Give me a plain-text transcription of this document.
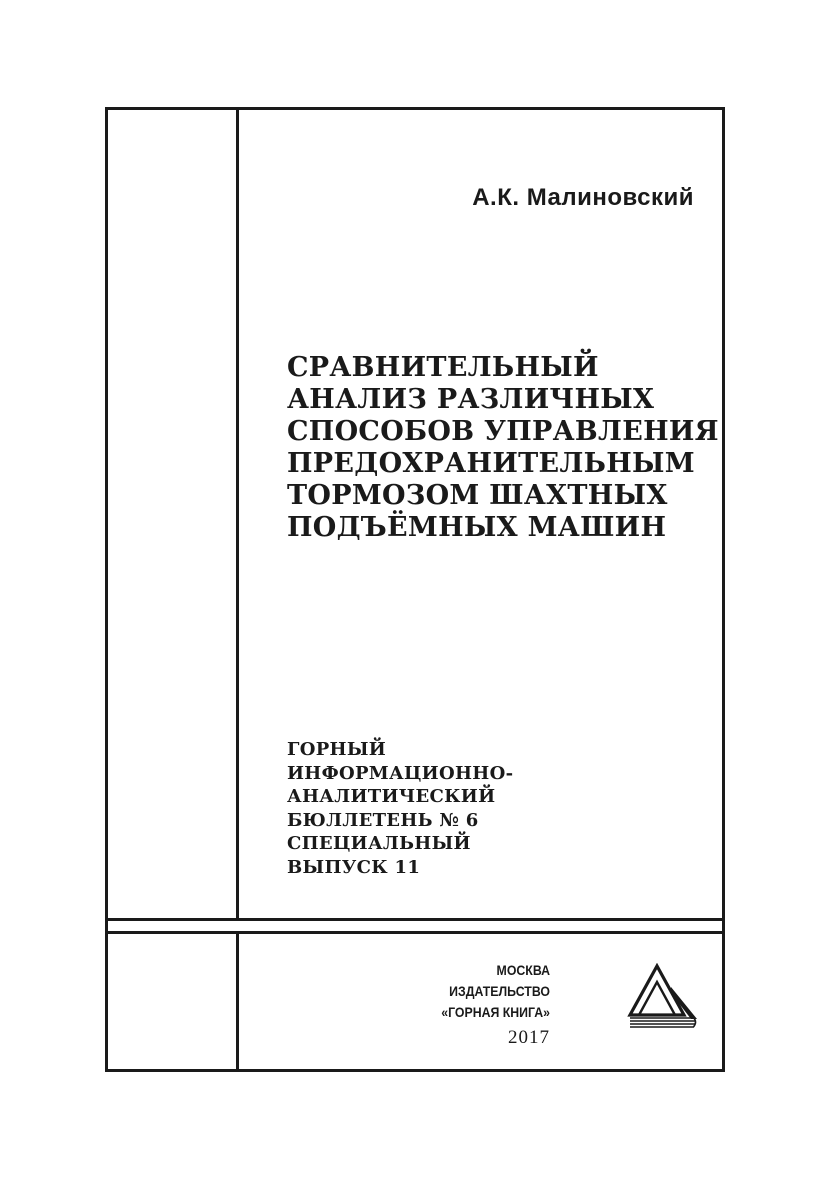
А.К. Малиновский
СРАВНИТЕЛЬНЫЙ
АНАЛИЗ РАЗЛИЧНЫХ
СПОСОБОВ УПРАВЛЕНИЯ
ПРЕДОХРАНИТЕЛЬНЫМ
ТОРМОЗОМ ШАХТНЫХ
ПОДЪЁМНЫХ МАШИН
ГОРНЫЙ
ИНФОРМАЦИОННО-
АНАЛИТИЧЕСКИЙ
БЮЛЛЕТЕНЬ № 6
СПЕЦИАЛЬНЫЙ
ВЫПУСК 11
МОСКВА
ИЗДАТЕЛЬСТВО
«ГОРНАЯ КНИГА»
2017
